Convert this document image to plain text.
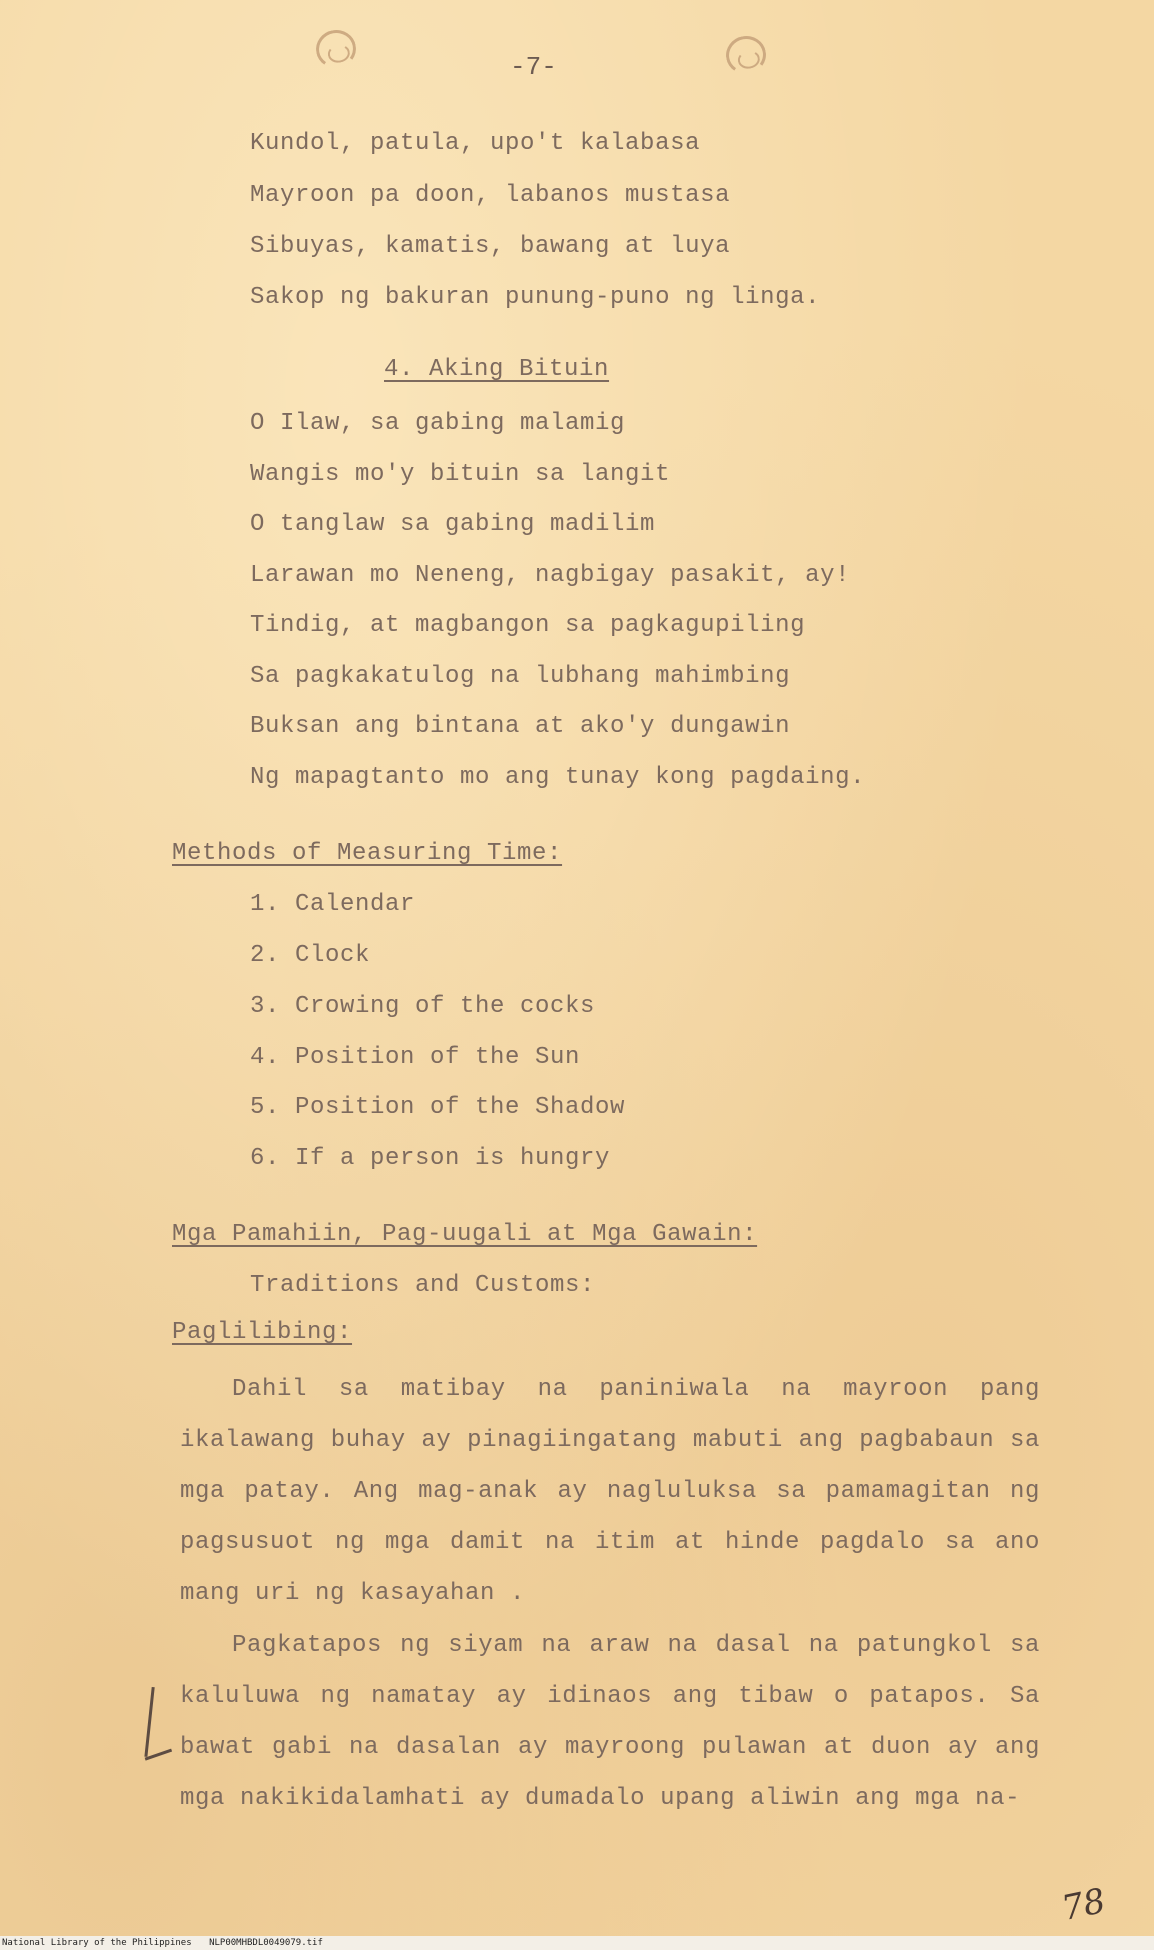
-7-
Kundol, patula, upo't kalabasa
Mayroon pa doon, labanos mustasa
Sibuyas, kamatis, bawang at luya
Sakop ng bakuran punung-puno ng linga.
4. Aking Bituin
O Ilaw, sa gabing malamig
Wangis mo'y bituin sa langit
O tanglaw sa gabing madilim
Larawan mo Neneng, nagbigay pasakit, ay!
Tindig, at magbangon sa pagkagupiling
Sa pagkakatulog na lubhang mahimbing
Buksan ang bintana at ako'y dungawin
Ng mapagtanto mo ang tunay kong pagdaing.
Methods of Measuring Time:
1. Calendar
2. Clock
3. Crowing of the cocks
4. Position of the Sun
5. Position of the Shadow
6. If a person is hungry
Mga Pamahiin, Pag-uugali at Mga Gawain:
Traditions and Customs:
Paglilibing:
Dahil sa matibay na paniniwala na mayroon pang ikalawang buhay ay pinagiingatang mabuti ang pagbabaun sa mga patay. Ang mag-anak ay nagluluksa sa pamamagitan ng pagsusuot ng mga damit na itim at hinde pagdalo sa ano mang uri ng kasayahan .
Pagkatapos ng siyam na araw na dasal na patungkol sa kaluluwa ng namatay ay idinaos ang tibaw o patapos. Sa bawat gabi na dasalan ay mayroong pulawan at duon ay ang mga nakikidalamhati ay dumadalo upang aliwin ang mga na-
78
National Library of the Philippines NLP00MHBDL0049079.tif
